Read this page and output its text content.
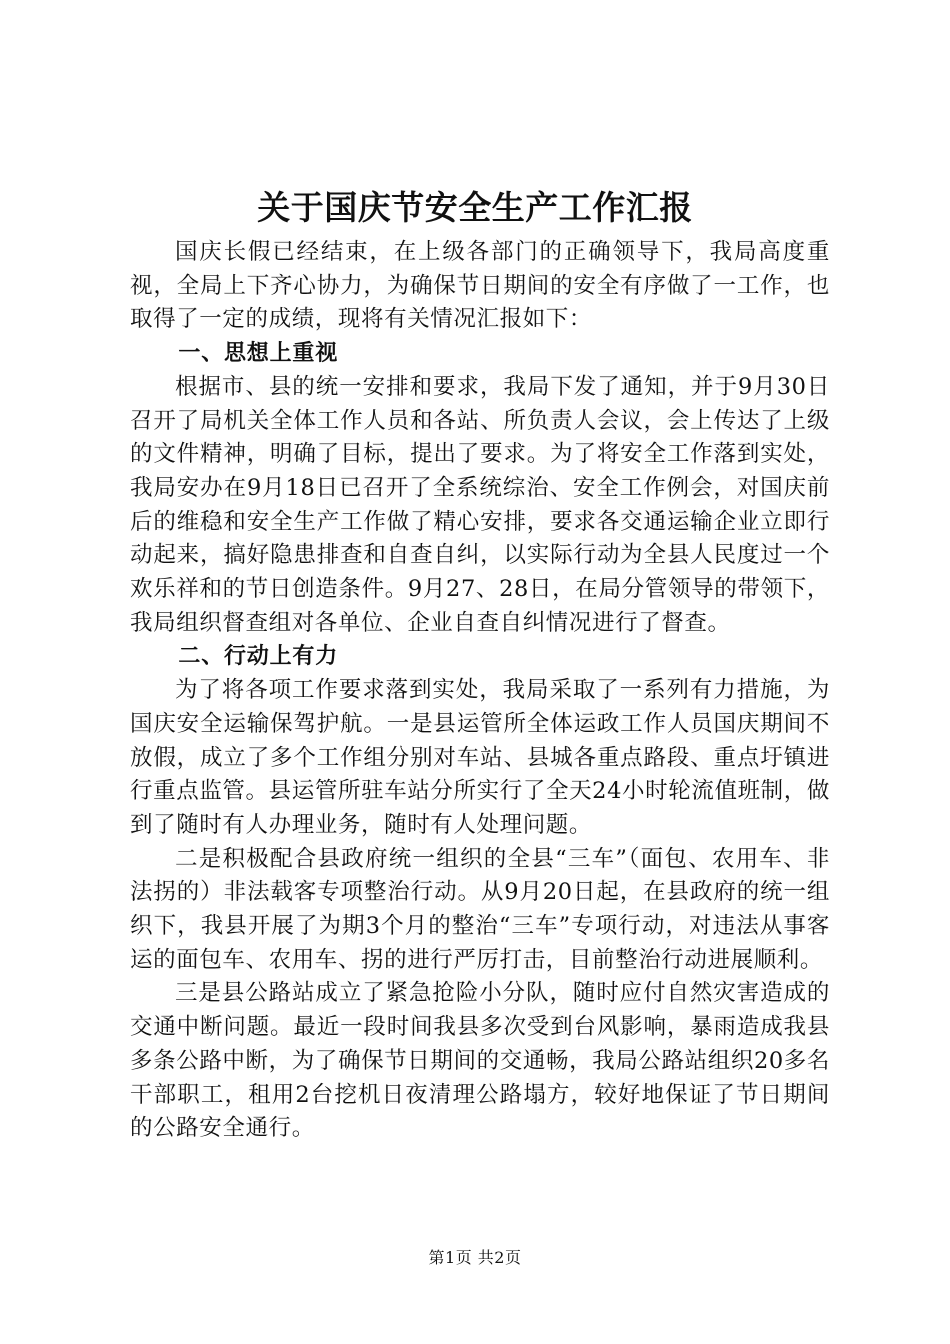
关于国庆节安全生产工作汇报

国庆长假已经结束，在上级各部门的正确领导下，我局高度重视，全局上下齐心协力，为确保节日期间的安全有序做了一工作，也取得了一定的成绩，现将有关情况汇报如下：

一、思想上重视

根据市、县的统一安排和要求，我局下发了通知，并于9月30日召开了局机关全体工作人员和各站、所负责人会议，会上传达了上级的文件精神，明确了目标，提出了要求。为了将安全工作落到实处，我局安办在9月18日已召开了全系统综治、安全工作例会，对国庆前后的维稳和安全生产工作做了精心安排，要求各交通运输企业立即行动起来，搞好隐患排查和自查自纠，以实际行动为全县人民度过一个欢乐祥和的节日创造条件。9月27、28日，在局分管领导的带领下，我局组织督查组对各单位、企业自查自纠情况进行了督查。

二、行动上有力

为了将各项工作要求落到实处，我局采取了一系列有力措施，为国庆安全运输保驾护航。一是县运管所全体运政工作人员国庆期间不放假，成立了多个工作组分别对车站、县城各重点路段、重点圩镇进行重点监管。县运管所驻车站分所实行了全天24小时轮流值班制，做到了随时有人办理业务，随时有人处理问题。

二是积极配合县政府统一组织的全县“三车”（面包、农用车、非法拐的）非法载客专项整治行动。从9月20日起，在县政府的统一组织下，我县开展了为期3个月的整治“三车”专项行动，对违法从事客运的面包车、农用车、拐的进行严厉打击，目前整治行动进展顺利。

三是县公路站成立了紧急抢险小分队，随时应付自然灾害造成的交通中断问题。最近一段时间我县多次受到台风影响，暴雨造成我县多条公路中断，为了确保节日期间的交通畅，我局公路站组织20多名干部职工，租用2台挖机日夜清理公路塌方，较好地保证了节日期间的公路安全通行。

第1页 共2页
